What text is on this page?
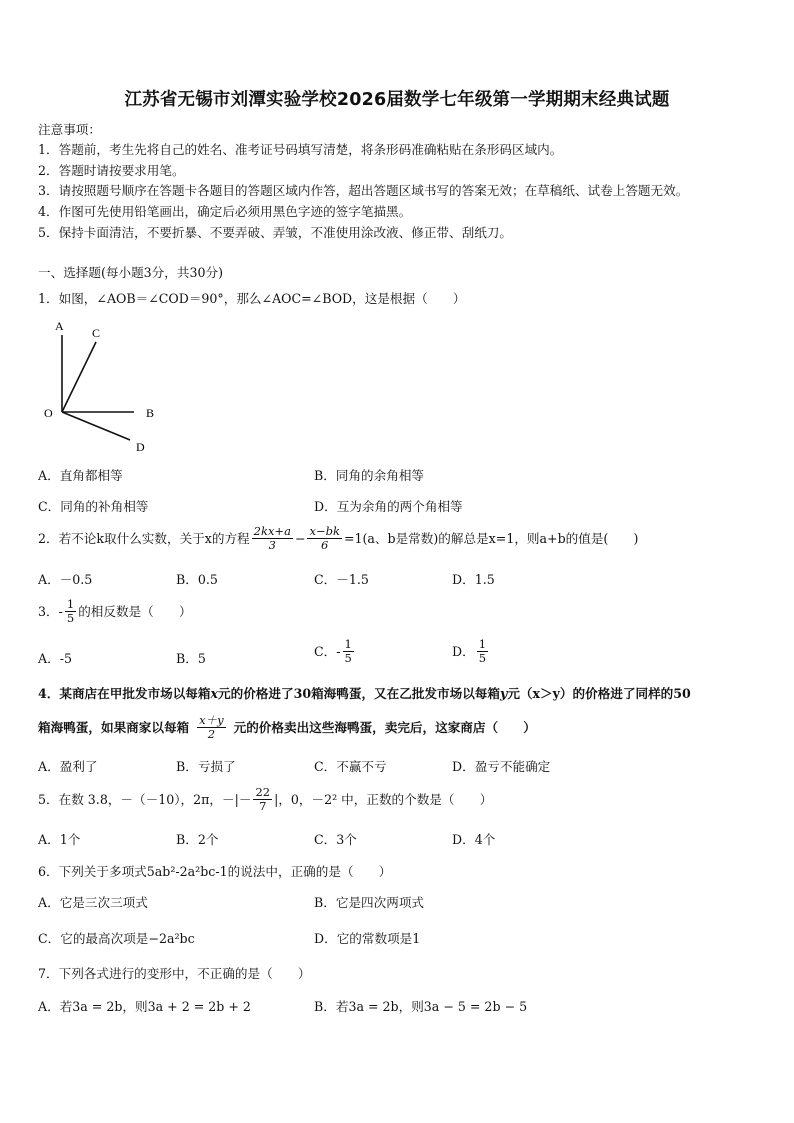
江苏省无锡市刘潭实验学校2026届数学七年级第一学期期末经典试题
注意事项：
1．答题前，考生先将自己的姓名、准考证号码填写清楚，将条形码准确粘贴在条形码区域内。
2．答题时请按要求用笔。
3．请按照题号顺序在答题卡各题目的答题区域内作答，超出答题区域书写的答案无效；在草稿纸、试卷上答题无效。
4．作图可先使用铅笔画出，确定后必须用黑色字迹的签字笔描黑。
5．保持卡面清洁，不要折暴、不要弄破、弄皱，不准使用涂改液、修正带、刮纸刀。
一、选择题(每小题3分，共30分)
1．如图，∠AOB＝∠COD＝90°，那么∠AOC=∠BOD，这是根据（　　）
A C
O	B
D
A．直角都相等	B．同角的余角相等
C．同角的补角相等	D．互为余角的两个角相等
2．若不论k取什么实数，关于x的方程 $\frac{2kx+a}{3} - \frac{x-bk}{6} =1$ (a、b是常数)的解总是x=1，则a+b的值是(　　)
A．－0.5	B．0.5	C．－1.5	D．1.5
3．- $\frac{1}{5}$ 的相反数是（　　）
A．-5	B．5	C．- $\frac{1}{5}$	D． $\frac{1}{5}$
4．某商店在甲批发市场以每箱x元的价格进了30箱海鸭蛋，又在乙批发市场以每箱y元（x＞y）的价格进了同样的50
箱海鸭蛋，如果商家以每箱 $\frac{x+y}{2}$ 元的价格卖出这些海鸭蛋，卖完后，这家商店（　　）
A．盈利了	B．亏损了	C．不赢不亏	D．盈亏不能确定
5．在数 3.8，－（－10），2π，－|－ $\frac{22}{7}$ |，0，－2² 中，正数的个数是（　　）
A．1个	B．2个	C．3个	D．4个
6．下列关于多项式5ab²-2a²bc-1的说法中，正确的是（　　）
A．它是三次三项式	B．它是四次两项式
C．它的最高次项是−2a²bc	D．它的常数项是1
7．下列各式进行的变形中，不正确的是（　　）
A．若3a = 2b，则3a + 2 = 2b + 2	B．若3a = 2b，则3a − 5 = 2b − 5
